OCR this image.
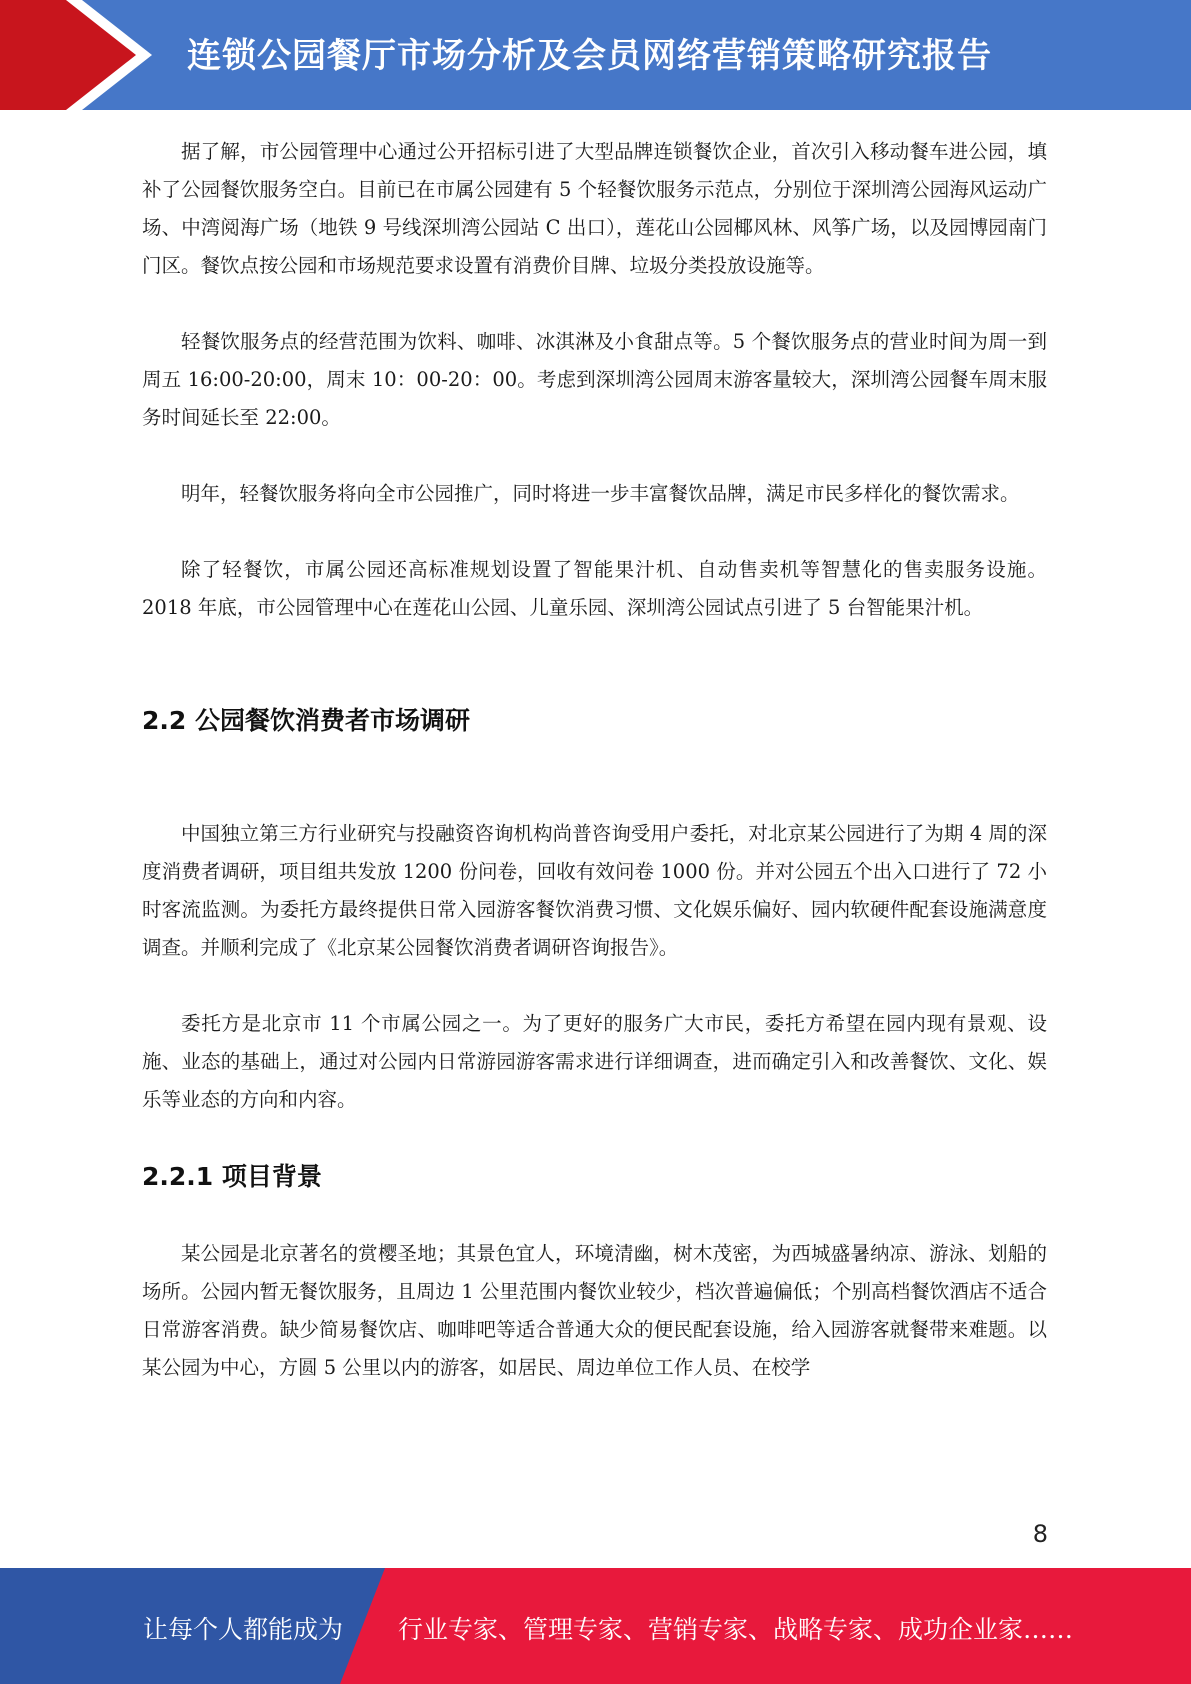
连锁公园餐厅市场分析及会员网络营销策略研究报告

据了解，市公园管理中心通过公开招标引进了大型品牌连锁餐饮企业，首次引入移动餐车进公园，填补了公园餐饮服务空白。目前已在市属公园建有 5 个轻餐饮服务示范点，分别位于深圳湾公园海风运动广场、中湾阅海广场（地铁 9 号线深圳湾公园站 C 出口），莲花山公园椰风林、风筝广场，以及园博园南门门区。餐饮点按公园和市场规范要求设置有消费价目牌、垃圾分类投放设施等。

轻餐饮服务点的经营范围为饮料、咖啡、冰淇淋及小食甜点等。5 个餐饮服务点的营业时间为周一到周五 16:00-20:00，周末 10：00-20：00。考虑到深圳湾公园周末游客量较大，深圳湾公园餐车周末服务时间延长至 22:00。

明年，轻餐饮服务将向全市公园推广，同时将进一步丰富餐饮品牌，满足市民多样化的餐饮需求。

除了轻餐饮，市属公园还高标准规划设置了智能果汁机、自动售卖机等智慧化的售卖服务设施。2018 年底，市公园管理中心在莲花山公园、儿童乐园、深圳湾公园试点引进了 5 台智能果汁机。

2.2 公园餐饮消费者市场调研

中国独立第三方行业研究与投融资咨询机构尚普咨询受用户委托，对北京某公园进行了为期 4 周的深度消费者调研，项目组共发放 1200 份问卷，回收有效问卷 1000 份。并对公园五个出入口进行了 72 小时客流监测。为委托方最终提供日常入园游客餐饮消费习惯、文化娱乐偏好、园内软硬件配套设施满意度调查。并顺利完成了《北京某公园餐饮消费者调研咨询报告》。

委托方是北京市 11 个市属公园之一。为了更好的服务广大市民，委托方希望在园内现有景观、设施、业态的基础上，通过对公园内日常游园游客需求进行详细调查，进而确定引入和改善餐饮、文化、娱乐等业态的方向和内容。

2.2.1 项目背景

某公园是北京著名的赏樱圣地；其景色宜人，环境清幽，树木茂密，为西城盛暑纳凉、游泳、划船的场所。公园内暂无餐饮服务，且周边 1 公里范围内餐饮业较少，档次普遍偏低；个别高档餐饮酒店不适合日常游客消费。缺少简易餐饮店、咖啡吧等适合普通大众的便民配套设施，给入园游客就餐带来难题。以某公园为中心，方圆 5 公里以内的游客，如居民、周边单位工作人员、在校学

8
让每个人都能成为 行业专家、管理专家、营销专家、战略专家、成功企业家……
